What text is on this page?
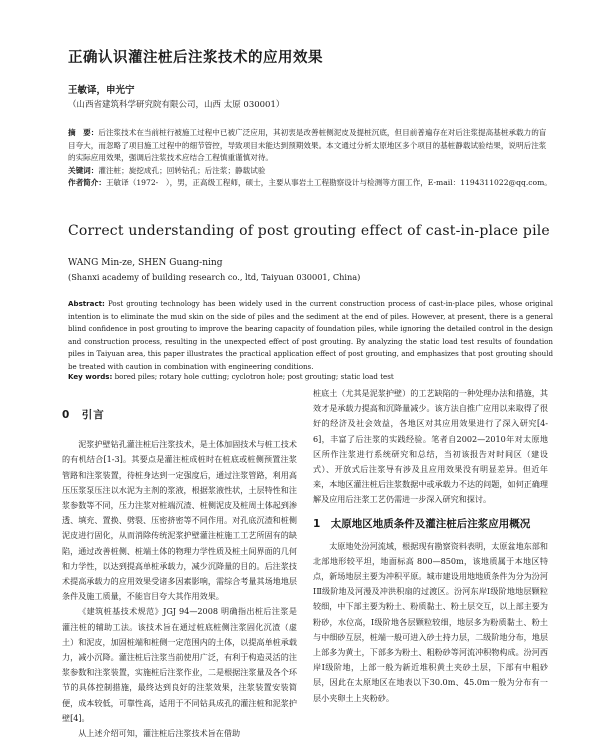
正确认识灌注桩后注浆技术的应用效果
王敏译，申光宁
（山西省建筑科学研究院有限公司，山西 太原 030001）
摘　要：后注浆技术在当前桩行被施工过程中已被广泛应用，其初衷是改善桩侧泥皮及提桩沉底，但目前普遍存在对后注浆提高基桩承载力的盲目夸大，而忽略了项目施工过程中的细节管控，导致项目未能达到预期效果。本文通过分析太原地区多个项目的基桩静载试验结果，说明后注浆的实际应用效果，强调后注浆技术应结合工程慎重谨慎对待。
关键词：灌注桩；旋挖成孔；回转钻孔；后注浆；静载试验
作者简介：王敏译（1972-　），男，正高级工程师，硕士，主要从事岩土工程勘察设计与检测等方面工作，E-mail：1194311022@qq.com。
Correct understanding of post grouting effect of cast-in-place pile
WANG Min-ze, SHEN Guang-ning
(Shanxi academy of building research co., ltd, Taiyuan 030001, China)
Abstract: Post grouting technology has been widely used in the current construction process of cast-in-place piles, whose original intention is to eliminate the mud skin on the side of piles and the sediment at the end of piles. However, at present, there is a general blind confidence in post grouting to improve the bearing capacity of foundation piles, while ignoring the detailed control in the design and construction process, resulting in the unexpected effect of post grouting. By analyzing the static load test results of foundation piles in Taiyuan area, this paper illustrates the practical application effect of post grouting, and emphasizes that post grouting should be treated with caution in combination with engineering conditions.
Key words: bored piles; rotary hole cutting; cyclotron hole; post grouting; static load test
0　引言

泥浆护壁钻孔灌注桩后注浆技术，是土体加固技术与桩工技术的有机结合[1-3]。其要点是灌注桩成桩时在桩底或桩侧预置注浆管路和注浆装置，待桩身达到一定强度后，通过注浆管路，利用高压压浆泵压注以水泥为主剂的浆液，根据浆液性状，土层特性和注浆参数等不同，压力注浆对桩端沉渣、桩侧泥皮及桩周土体起到渗透、填充、置换、劈裂、压密挤密等不同作用。对孔底沉渣和桩侧泥皮进行固化，从而消除传统泥浆护壁灌注桩施工工艺所固有的缺陷，通过改善桩侧、桩端土体的物理力学性质及桩土间界面的几何和力学性，以达到提高单桩承载力，减少沉降量的目的。后注浆技术提高承载力的应用效果受诸多因素影响，需综合考量其场地地层条件及施工质量，不能盲目夸大其作用效果。

《建筑桩基技术规范》JGJ 94—2008 明确指出桩后注浆是灌注桩的辅助工法。该技术旨在通过桩底桩侧注浆固化沉渣（虚土）和泥皮，加固桩端和桩侧一定范围内的土体，以提高单桩承载力，减小沉降。灌注桩后注浆当前使用广泛，有利于构造灵活的注浆参数和注浆装置，实施桩后注浆作业，二是根据注浆量及各个环节的具体控制措施，最终达到良好的注浆效果，注浆装置安装简便，成本较低，可靠性高，适用于不同钻具成孔的灌注桩和泥浆护壁[4]。

从上述介绍可知，灌注桩后注浆技术旨在借助

桩底土（尤其是泥浆护壁）的工艺缺陷的一种处理办法和措施，其效才是承载力提高和沉降量减少。该方法自推广应用以来取得了很好的经济及社会效益，各地区对其应用效果进行了深入研究[4-6]，丰富了后注浆的实践经验。笔者自2002—2010年对太原地区所作注浆进行系统研究和总结，当初该报告对时间区（建设式）、开放式后注浆导有涉及且应用效果没有明显差异。但近年来，本地区灌注桩后注浆数据中或承载力不达的问题，如何正确理解及应用后注浆工艺仍需进一步深入研究和探讨。

1　太原地区地质条件及灌注桩后注浆应用概况

太原地处汾河流域，根据现有勘察资料表明，太原盆地东部和北部地形较平坦，地面标高 800—850m，该地质属于本地区特点，新场地层主要为冲积平原。城市建设用地地质条件为分为汾河ⅠⅡ级阶地及河漫及冲洪积扇的过渡区。汾河东岸Ⅰ级阶地地层颗粒较细，中下部主要为粉土、粉质黏土、粉土层交互，以上部主要为粉砂，水位高，Ⅰ级阶地各层颗粒较细，地层多为粉质黏土、粉土与中细砂互层，桩端一般可进入砂土持力层，二级阶地分布，地层上部多为黄土，下部多为粉土、粗粉砂等河流冲积物构成。汾河西岸Ⅰ级阶地，上部一般为新近堆积黄土夹砂土层，下部有中粗砂层，因此在太原地区在地表以下30.0m、45.0m一般为分布有一层小夹卵土上夹粉砂。
